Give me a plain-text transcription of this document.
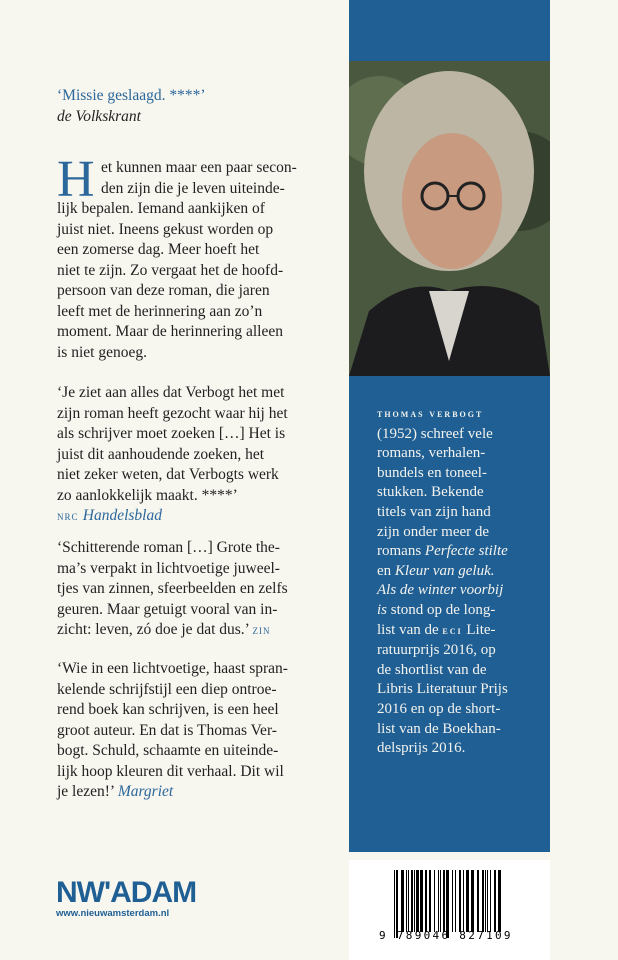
‘Missie geslaagd. ****’
de Volkskrant
H et kunnen maar een paar secon-
den zijn die je leven uiteinde-
lijk bepalen. Iemand aankijken of
juist niet. Ineens gekust worden op
een zomerse dag. Meer hoeft het
niet te zijn. Zo vergaat het de hoofd-
persoon van deze roman, die jaren
leeft met de herinnering aan zo’n
moment. Maar de herinnering alleen
is niet genoeg.
‘Je ziet aan alles dat Verbogt het met
zijn roman heeft gezocht waar hij het
als schrijver moet zoeken […] Het is
juist dit aanhoudende zoeken, het
niet zeker weten, dat Verbogts werk
zo aanlokkelijk maakt. ****’
nrc Handelsblad
‘Schitterende roman […] Grote the-
ma’s verpakt in lichtvoetige juweel-
tjes van zinnen, sfeerbeelden en zelfs
geuren. Maar getuigt vooral van in-
zicht: leven, zó doe je dat dus.’ zin
‘Wie in een lichtvoetige, haast spran-
kelende schrijfstijl een diep ontroe-
rend boek kan schrijven, is een heel
groot auteur. En dat is Thomas Ver-
bogt. Schuld, schaamte en uiteinde-
lijk hoop kleuren dit verhaal. Dit wil
je lezen!’ Margriet
thomas verbogt
(1952) schreef vele
romans, verhalen-
bundels en toneel-
stukken. Bekende
titels van zijn hand
zijn onder meer de
romans Perfecte stilte
en Kleur van geluk.
Als de winter voorbij
is stond op de long-
list van de eci Lite-
ratuurprijs 2016, op
de shortlist van de
Libris Literatuur Prijs
2016 en op de short-
list van de Boekhan-
delsprijs 2016.
NW'ADAM
www.nieuwamsterdam.nl
9 789046 827109
